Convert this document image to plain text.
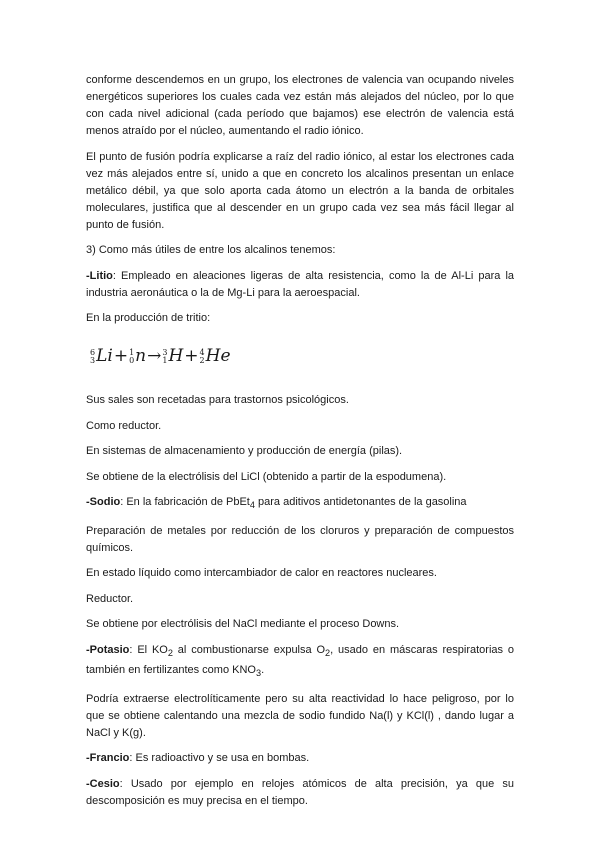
conforme descendemos en un grupo, los electrones de valencia van ocupando niveles energéticos superiores los cuales cada vez están más alejados del núcleo, por lo que con cada nivel adicional (cada período que bajamos) ese electrón de valencia está menos atraído por el núcleo, aumentando el radio iónico.

El punto de fusión podría explicarse a raíz del radio iónico, al estar los electrones cada vez más alejados entre sí, unido a que en concreto los alcalinos presentan un enlace metálico débil, ya que solo aporta cada átomo un electrón a la banda de orbitales moleculares, justifica que al descender en un grupo cada vez sea más fácil llegar al punto de fusión.

3) Como más útiles de entre los alcalinos tenemos:

-Litio: Empleado en aleaciones ligeras de alta resistencia, como la de Al-Li para la industria aeronáutica o la de Mg-Li para la aeroespacial.

En la producción de tritio:

6
3 Li+ 1
0 n→ 3
1 H+ 4
2 He

Sus sales son recetadas para trastornos psicológicos.

Como reductor.

En sistemas de almacenamiento y producción de energía (pilas).

Se obtiene de la electrólisis del LiCl (obtenido a partir de la espodumena).

-Sodio: En la fabricación de PbEt$_4$ para aditivos antidetonantes de la gasolina

Preparación de metales por reducción de los cloruros y preparación de compuestos químicos.

En estado líquido como intercambiador de calor en reactores nucleares.

Reductor.

Se obtiene por electrólisis del NaCl mediante el proceso Downs.

-Potasio: El $KO_2$ al combustionarse expulsa $O_2$, usado en máscaras respiratorias o también en fertilizantes como $KNO_3$.

Podría extraerse electrolíticamente pero su alta reactividad lo hace peligroso, por lo que se obtiene calentando una mezcla de sodio fundido Na(l) y KCl(l) , dando lugar a NaCl y K(g).

-Francio: Es radioactivo y se usa en bombas.

-Cesio: Usado por ejemplo en relojes atómicos de alta precisión, ya que su descomposición es muy precisa en el tiempo.
